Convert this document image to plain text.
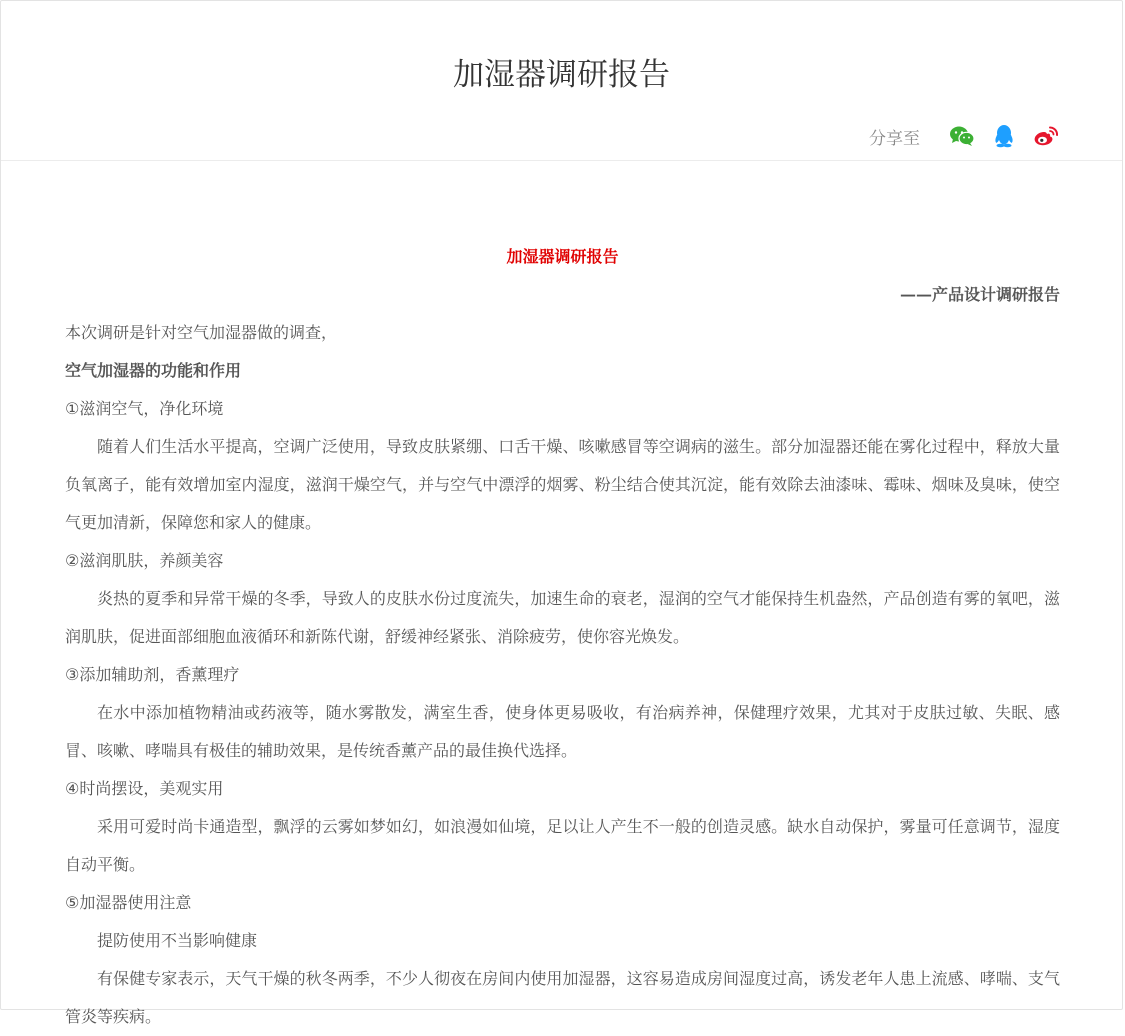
加湿器调研报告
分享至

加湿器调研报告

——产品设计调研报告

本次调研是针对空气加湿器做的调查，

空气加湿器的功能和作用

①滋润空气，净化环境

随着人们生活水平提高，空调广泛使用，导致皮肤紧绷、口舌干燥、咳嗽感冒等空调病的滋生。部分加湿器还能在雾化过程中，释放大量负氧离子，能有效增加室内湿度，滋润干燥空气，并与空气中漂浮的烟雾、粉尘结合使其沉淀，能有效除去油漆味、霉味、烟味及臭味，使空气更加清新，保障您和家人的健康。

②滋润肌肤，养颜美容

炎热的夏季和异常干燥的冬季，导致人的皮肤水份过度流失，加速生命的衰老，湿润的空气才能保持生机盎然，产品创造有雾的氧吧，滋润肌肤，促进面部细胞血液循环和新陈代谢，舒缓神经紧张、消除疲劳，使你容光焕发。

③添加辅助剂，香薰理疗

在水中添加植物精油或药液等，随水雾散发，满室生香，使身体更易吸收，有治病养神，保健理疗效果，尤其对于皮肤过敏、失眠、感冒、咳嗽、哮喘具有极佳的辅助效果，是传统香薰产品的最佳换代选择。

④时尚摆设，美观实用

采用可爱时尚卡通造型，飘浮的云雾如梦如幻，如浪漫如仙境，足以让人产生不一般的创造灵感。缺水自动保护，雾量可任意调节，湿度自动平衡。

⑤加湿器使用注意

提防使用不当影响健康

有保健专家表示，天气干燥的秋冬两季，不少人彻夜在房间内使用加湿器，这容易造成房间湿度过高，诱发老年人患上流感、哮喘、支气管炎等疾病。
